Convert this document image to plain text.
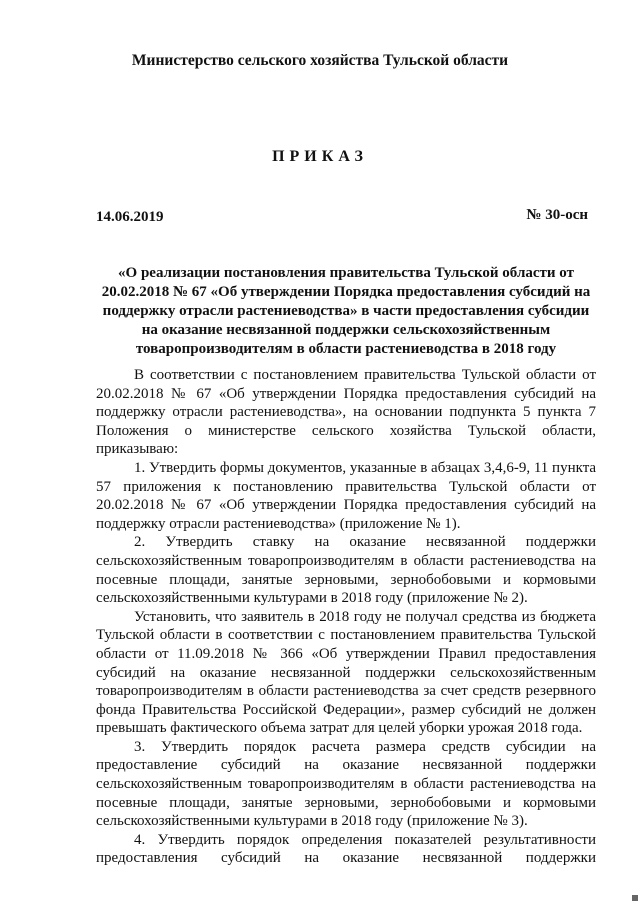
Министерство сельского хозяйства Тульской области
ПРИКАЗ
14.06.2019	№ 30-осн
«О реализации постановления правительства Тульской области от
20.02.2018 № 67 «Об утверждении Порядка предоставления субсидий на
поддержку отрасли растениеводства» в части предоставления субсидии
на оказание несвязанной поддержки сельскохозяйственным
товаропроизводителям в области растениеводства в 2018 году
В соответствии с постановлением правительства Тульской области от
20.02.2018 № 67 «Об утверждении Порядка предоставления субсидий на
поддержку отрасли растениеводства», на основании подпункта 5 пункта 7
Положения о министерстве сельского хозяйства Тульской области,
приказываю:
1. Утвердить формы документов, указанные в абзацах 3,4,6-9, 11 пункта
57 приложения к постановлению правительства Тульской области от
20.02.2018 № 67 «Об утверждении Порядка предоставления субсидий на
поддержку отрасли растениеводства» (приложение № 1).
2. Утвердить ставку на оказание несвязанной поддержки
сельскохозяйственным товаропроизводителям в области растениеводства на
посевные площади, занятые зерновыми, зернобобовыми и кормовыми
сельскохозяйственными культурами в 2018 году (приложение № 2).
Установить, что заявитель в 2018 году не получал средства из бюджета
Тульской области в соответствии с постановлением правительства Тульской
области от 11.09.2018 № 366 «Об утверждении Правил предоставления
субсидий на оказание несвязанной поддержки сельскохозяйственным
товаропроизводителям в области растениеводства за счет средств резервного
фонда Правительства Российской Федерации», размер субсидий не должен
превышать фактического объема затрат для целей уборки урожая 2018 года.
3. Утвердить порядок расчета размера средств субсидии на
предоставление субсидий на оказание несвязанной поддержки
сельскохозяйственным товаропроизводителям в области растениеводства на
посевные площади, занятые зерновыми, зернобобовыми и кормовыми
сельскохозяйственными культурами в 2018 году (приложение № 3).
4. Утвердить порядок определения показателей результативности
предоставления субсидий на оказание несвязанной поддержки
